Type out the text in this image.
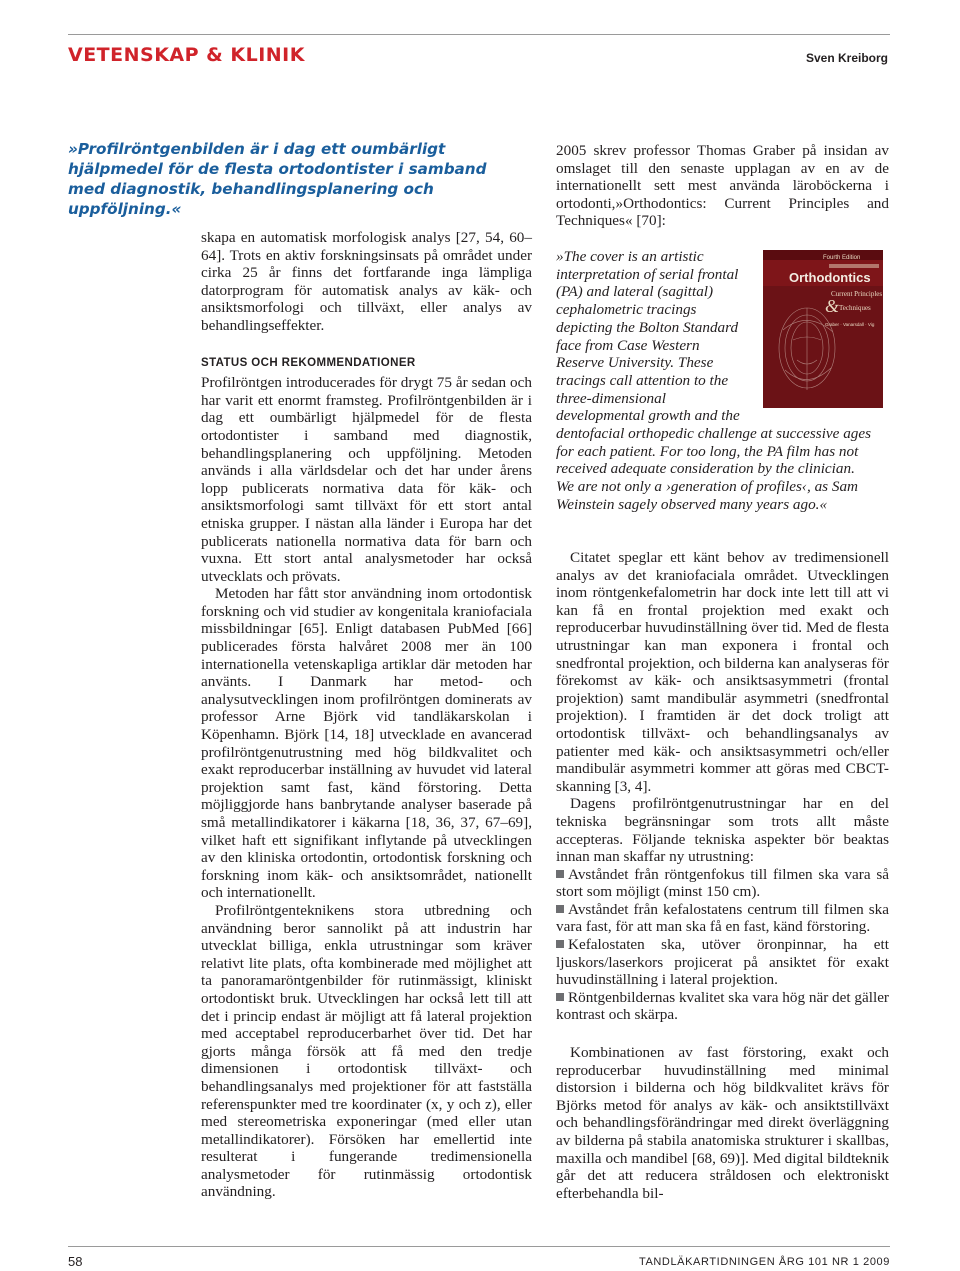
VETENSKAP & KLINIK	Sven Kreiborg

»Profilröntgenbilden är i dag ett oumbärligt hjälpmedel för de flesta ortodontister i samband med diagnostik, behandlingsplanering och uppföljning.«

skapa en automatisk morfologisk analys [27, 54, 60–64]. Trots en aktiv forskningsinsats på området under cirka 25 år finns det fortfarande inga lämpliga datorprogram för automatisk analys av käk- och ansiktsmorfologi och tillväxt, eller analys av behandlingseffekter.

STATUS OCH REKOMMENDATIONER

Profilröntgen introducerades för drygt 75 år sedan och har varit ett enormt framsteg. Profilröntgenbilden är i dag ett oumbärligt hjälpmedel för de flesta ortodontister i samband med diagnostik, behandlingsplanering och uppföljning. Metoden används i alla världsdelar och det har under årens lopp publicerats normativa data för käk- och ansiktsmorfologi samt tillväxt för ett stort antal etniska grupper. I nästan alla länder i Europa har det publicerats nationella normativa data för barn och vuxna. Ett stort antal analysmetoder har också utvecklats och prövats.

Metoden har fått stor användning inom ortodontisk forskning och vid studier av kongenitala kraniofaciala missbildningar [65]. Enligt databasen PubMed [66] publicerades första halvåret 2008 mer än 100 internationella vetenskapliga artiklar där metoden har använts. I Danmark har metod- och analysutvecklingen inom profilröntgen dominerats av professor Arne Björk vid tandläkarskolan i Köpenhamn. Björk [14, 18] utvecklade en avancerad profilröntgenutrustning med hög bildkvalitet och exakt reproducerbar inställning av huvudet vid lateral projektion samt fast, känd förstoring. Detta möjliggjorde hans banbrytande analyser baserade på små metallindikatorer i käkarna [18, 36, 37, 67–69], vilket haft ett signifikant inflytande på utvecklingen av den kliniska ortodontin, ortodontisk forskning och forskning inom käk- och ansiktsområdet, nationellt och internationellt.

Profilröntgenteknikens stora utbredning och användning beror sannolikt på att industrin har utvecklat billiga, enkla utrustningar som kräver relativt lite plats, ofta kombinerade med möjlighet att ta panoramaröntgenbilder för rutinmässigt, kliniskt ortodontiskt bruk. Utvecklingen har också lett till att det i princip endast är möjligt att få lateral projektion med acceptabel reproducerbarhet över tid. Det har gjorts många försök att få med den tredje dimensionen i ortodontisk tillväxt- och behandlingsanalys med projektioner för att fastställa referenspunkter med tre koordinater (x, y och z), eller med stereometriska exponeringar (med eller utan metallindikatorer). Försöken har emellertid inte resulterat i fungerande tredimensionella analysmetoder för rutinmässig ortodontisk användning.

2005 skrev professor Thomas Graber på insidan av omslaget till den senaste upplagan av en av de internationellt sett mest använda läroböckerna i ortodonti,»Orthodontics: Current Principles and Techniques« [70]:

Fourth Edition
Orthodontics
Current Principles
& Techniques
Graber · Vanarsdall · Vig

»The cover is an artistic interpretation of serial frontal (PA) and lateral (sagittal) cephalometric tracings depicting the Bolton Standard face from Case Western Reserve University. These tracings call attention to the three-dimensional developmental growth and the dentofacial orthopedic challenge at successive ages for each patient. For too long, the PA film has not received adequate consideration by the clinician. We are not only a ›generation of profiles‹, as Sam Weinstein sagely observed many years ago.«

Citatet speglar ett känt behov av tredimensionell analys av det kraniofaciala området. Utvecklingen inom röntgenkefalometrin har dock inte lett till att vi kan få en frontal projektion med exakt och reproducerbar huvudinställning över tid. Med de flesta utrustningar kan man exponera i frontal och snedfrontal projektion, och bilderna kan analyseras för förekomst av käk- och ansiktsasymmetri (frontal projektion) samt mandibulär asymmetri (snedfrontal projektion). I framtiden är det dock troligt att ortodontisk tillväxt- och behandlingsanalys av patienter med käk- och ansiktsasymmetri och/eller mandibulär asymmetri kommer att göras med CBCT-skanning [3, 4].

Dagens profilröntgenutrustningar har en del tekniska begränsningar som trots allt måste accepteras. Följande tekniska aspekter bör beaktas innan man skaffar ny utrustning:

Avståndet från röntgenfokus till filmen ska vara så stort som möjligt (minst 150 cm).

Avståndet från kefalostatens centrum till filmen ska vara fast, för att man ska få en fast, känd förstoring.

Kefalostaten ska, utöver öronpinnar, ha ett ljuskors/laserkors projicerat på ansiktet för exakt huvudinställning i lateral projektion.

Röntgenbildernas kvalitet ska vara hög när det gäller kontrast och skärpa.

Kombinationen av fast förstoring, exakt och reproducerbar huvudinställning med minimal distorsion i bilderna och hög bildkvalitet krävs för Björks metod för analys av käk- och ansiktstillväxt och behandlingsförändringar med direkt överläggning av bilderna på stabila anatomiska strukturer i skallbas, maxilla och mandibel [68, 69)]. Med digital bildteknik går det att reducera stråldosen och elektroniskt efterbehandla bil-

58	TANDLÄKARTIDNINGEN ÅRG 101 NR 1 2009
